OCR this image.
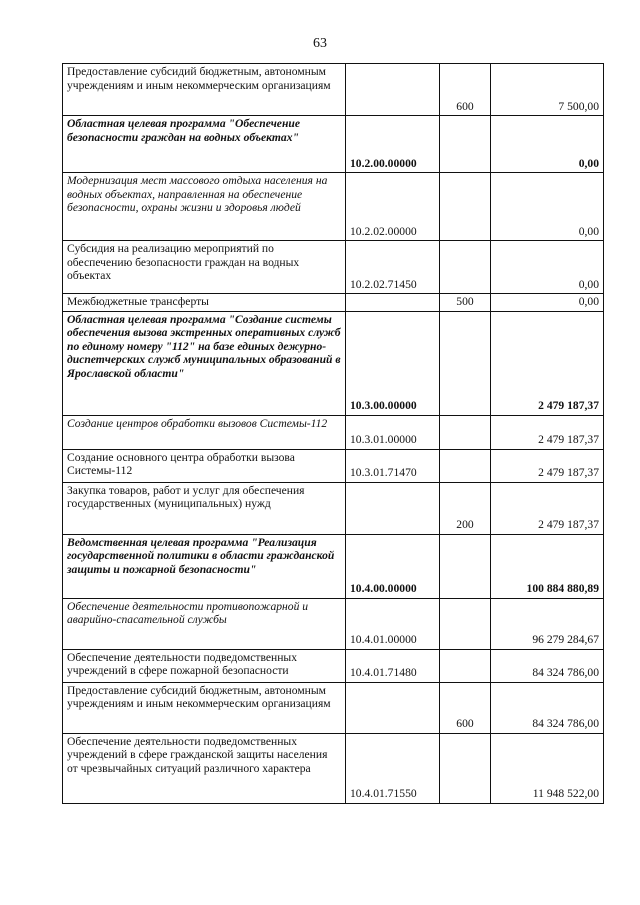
63
Предоставление субсидий бюджетным, автономным учреждениям и иным некоммерческим организациям		600	7 500,00
Областная целевая программа "Обеспечение безопасности граждан на водных объектах"	10.2.00.00000		0,00
Модернизация мест массового отдыха населения на водных объектах, направленная на обеспечение безопасности, охраны жизни и здоровья людей	10.2.02.00000		0,00
Субсидия на реализацию мероприятий по обеспечению безопасности граждан на водных объектах	10.2.02.71450		0,00
Межбюджетные трансферты		500	0,00
Областная целевая программа "Создание системы обеспечения вызова экстренных оперативных служб по единому номеру "112" на базе единых дежурно-диспетчерских служб муниципальных образований в Ярославской области"	10.3.00.00000		2 479 187,37
Создание центров обработки вызовов Системы-112	10.3.01.00000		2 479 187,37
Создание основного центра обработки вызова Системы-112	10.3.01.71470		2 479 187,37
Закупка товаров, работ и услуг для обеспечения государственных (муниципальных) нужд		200	2 479 187,37
Ведомственная целевая программа "Реализация государственной политики в области гражданской защиты и пожарной безопасности"	10.4.00.00000		100 884 880,89
Обеспечение деятельности противопожарной и аварийно-спасательной службы	10.4.01.00000		96 279 284,67
Обеспечение деятельности подведомственных учреждений в сфере пожарной безопасности	10.4.01.71480		84 324 786,00
Предоставление субсидий бюджетным, автономным учреждениям и иным некоммерческим организациям		600	84 324 786,00
Обеспечение деятельности подведомственных учреждений в сфере гражданской защиты населения от чрезвычайных ситуаций различного характера	10.4.01.71550		11 948 522,00
